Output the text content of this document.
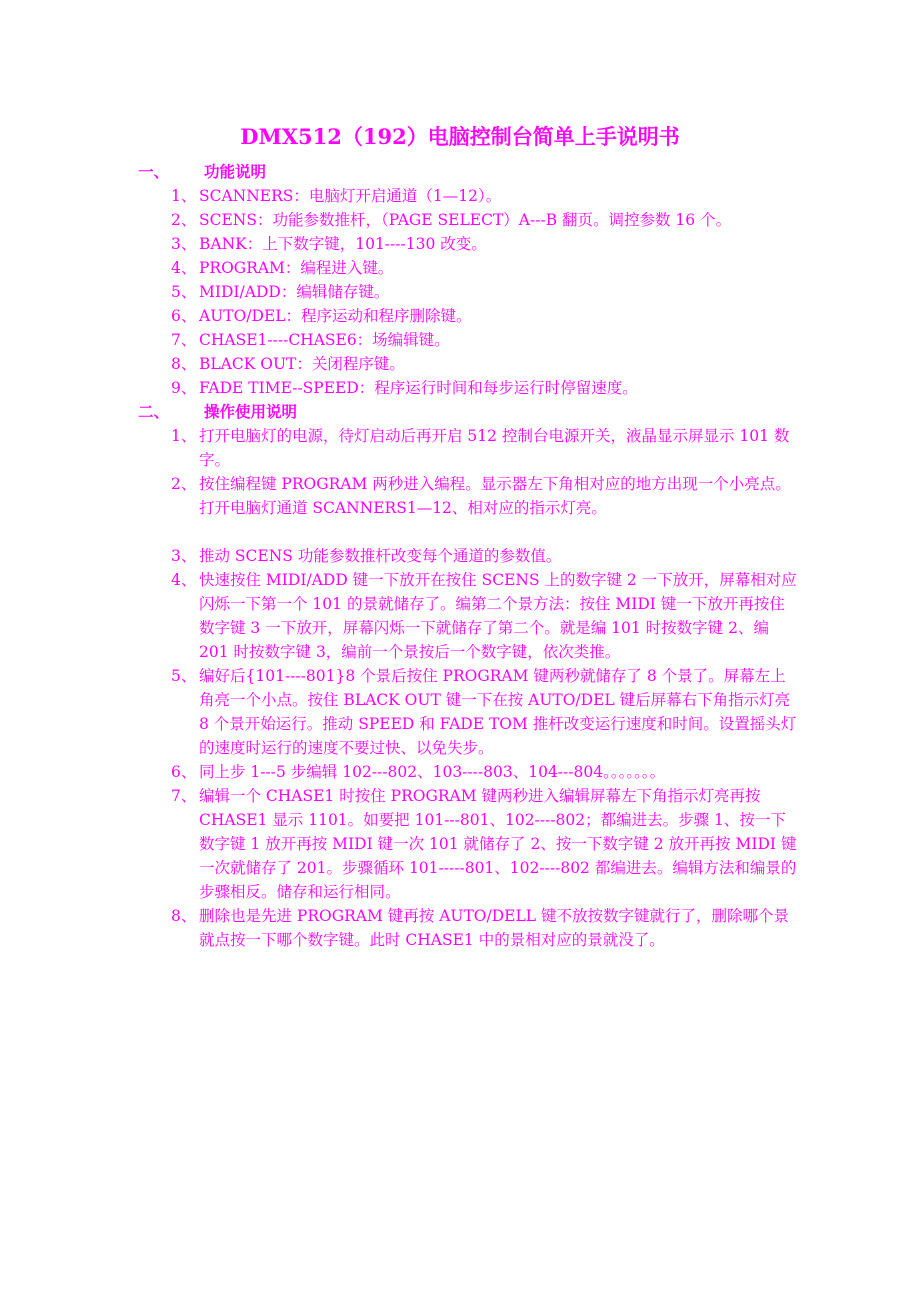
DMX512（192）电脑控制台简单上手说明书
一、	功能说明
1、 SCANNERS：电脑灯开启通道（1—12）。
2、 SCENS：功能参数推杆，（PAGE SELECT）A---B 翻页。调控参数 16 个。
3、 BANK：上下数字键，101----130 改变。
4、 PROGRAM：编程进入键。
5、 MIDI/ADD：编辑储存键。
6、 AUTO/DEL：程序运动和程序删除键。
7、 CHASE1----CHASE6：场编辑键。
8、 BLACK OUT：关闭程序键。
9、 FADE TIME--SPEED：程序运行时间和每步运行时停留速度。
二、	操作使用说明
1、 打开电脑灯的电源，待灯启动后再开启 512 控制台电源开关，液晶显示屏显示 101 数字。
2、 按住编程键 PROGRAM 两秒进入编程。显示器左下角相对应的地方出现一个小亮点。打开电脑灯通道 SCANNERS1—12、相对应的指示灯亮。
3、 推动 SCENS 功能参数推杆改变每个通道的参数值。
4、 快速按住 MIDI/ADD 键一下放开在按住 SCENS 上的数字键 2 一下放开，屏幕相对应闪烁一下第一个 101 的景就储存了。编第二个景方法：按住 MIDI 键一下放开再按住数字键 3 一下放开，屏幕闪烁一下就储存了第二个。就是编 101 时按数字键 2、编 201 时按数字键 3，编前一个景按后一个数字键，依次类推。
5、 编好后{101----801}8 个景后按住 PROGRAM 键两秒就储存了 8 个景了。屏幕左上角亮一个小点。按住 BLACK OUT 键一下在按 AUTO/DEL 键后屏幕右下角指示灯亮 8 个景开始运行。推动 SPEED 和 FADE TOM 推杆改变运行速度和时间。设置摇头灯的速度时运行的速度不要过快、以免失步。
6、 同上步 1---5 步编辑 102---802、103----803、104---804。。。。。。。
7、 编辑一个 CHASE1 时按住 PROGRAM 键两秒进入编辑屏幕左下角指示灯亮再按 CHASE1 显示 1101。如要把 101---801、102----802；都编进去。步骤 1、按一下数字键 1 放开再按 MIDI 键一次 101 就储存了 2、按一下数字键 2 放开再按 MIDI 键一次就储存了 201。步骤循环 101-----801、102----802 都编进去。编辑方法和编景的步骤相反。储存和运行相同。
8、 删除也是先进 PROGRAM 键再按 AUTO/DELL 键不放按数字键就行了，删除哪个景就点按一下哪个数字键。此时 CHASE1 中的景相对应的景就没了。
